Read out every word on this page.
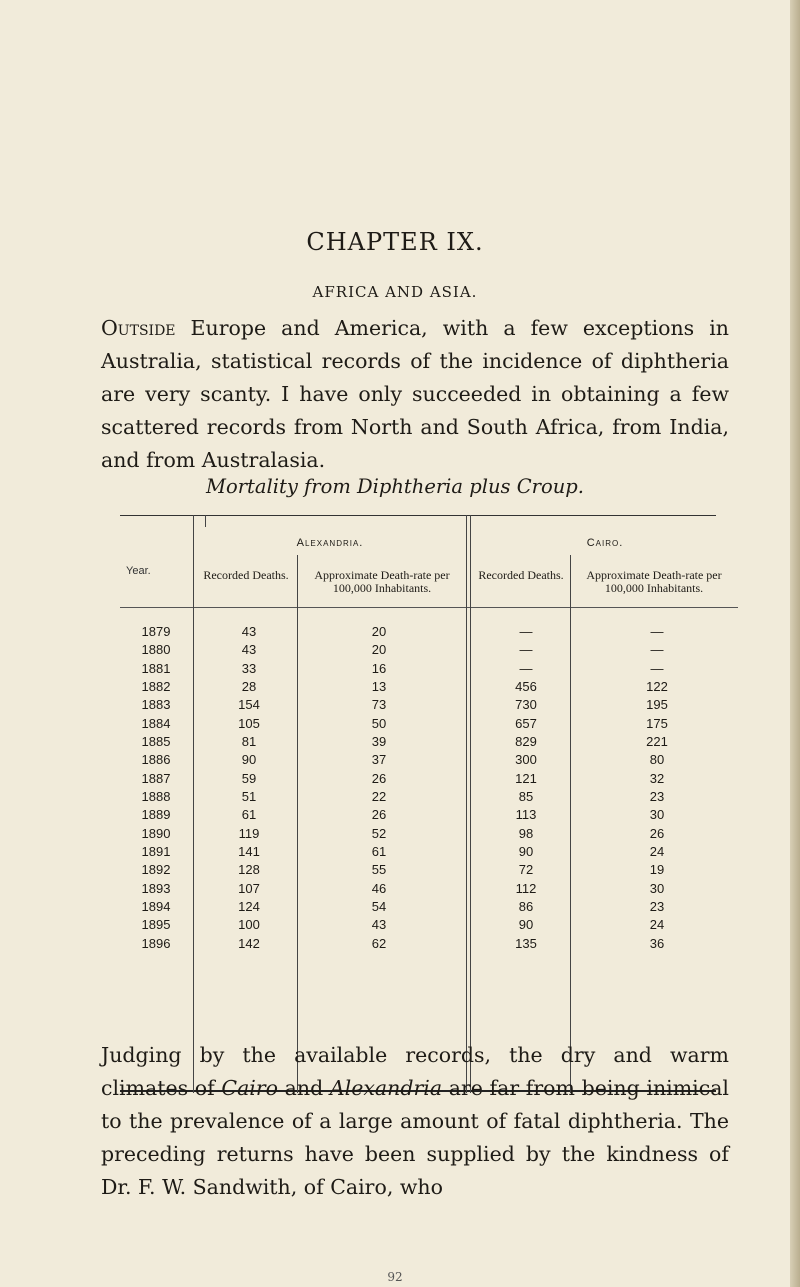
CHAPTER IX.
AFRICA AND ASIA.
Outside Europe and America, with a few exceptions in Australia, statistical records of the incidence of diphtheria are very scanty. I have only succeeded in obtaining a few scattered records from North and South Africa, from India, and from Australasia.
Mortality from Diphtheria plus Croup.
Year.
Alexandria.	Cairo.
Recorded Deaths.	Approximate Death-rate per 100,000 Inhabitants.
Recorded Deaths.	Approximate Death-rate per 100,000 Inhabitants.
1879	43	20	—	—
1880	43	20	—	—
1881	33	16	—	—
1882	28	13	456	122
1883	154	73	730	195
1884	105	50	657	175
1885	81	39	829	221
1886	90	37	300	80
1887	59	26	121	32
1888	51	22	85	23
1889	61	26	113	30
1890	119	52	98	26
1891	141	61	90	24
1892	128	55	72	19
1893	107	46	112	30
1894	124	54	86	23
1895	100	43	90	24
1896	142	62	135	36
Judging by the available records, the dry and warm climates of Cairo and Alexandria are far from being inimical to the prevalence of a large amount of fatal diphtheria. The preceding returns have been supplied by the kindness of Dr. F. W. Sandwith, of Cairo, who
92
